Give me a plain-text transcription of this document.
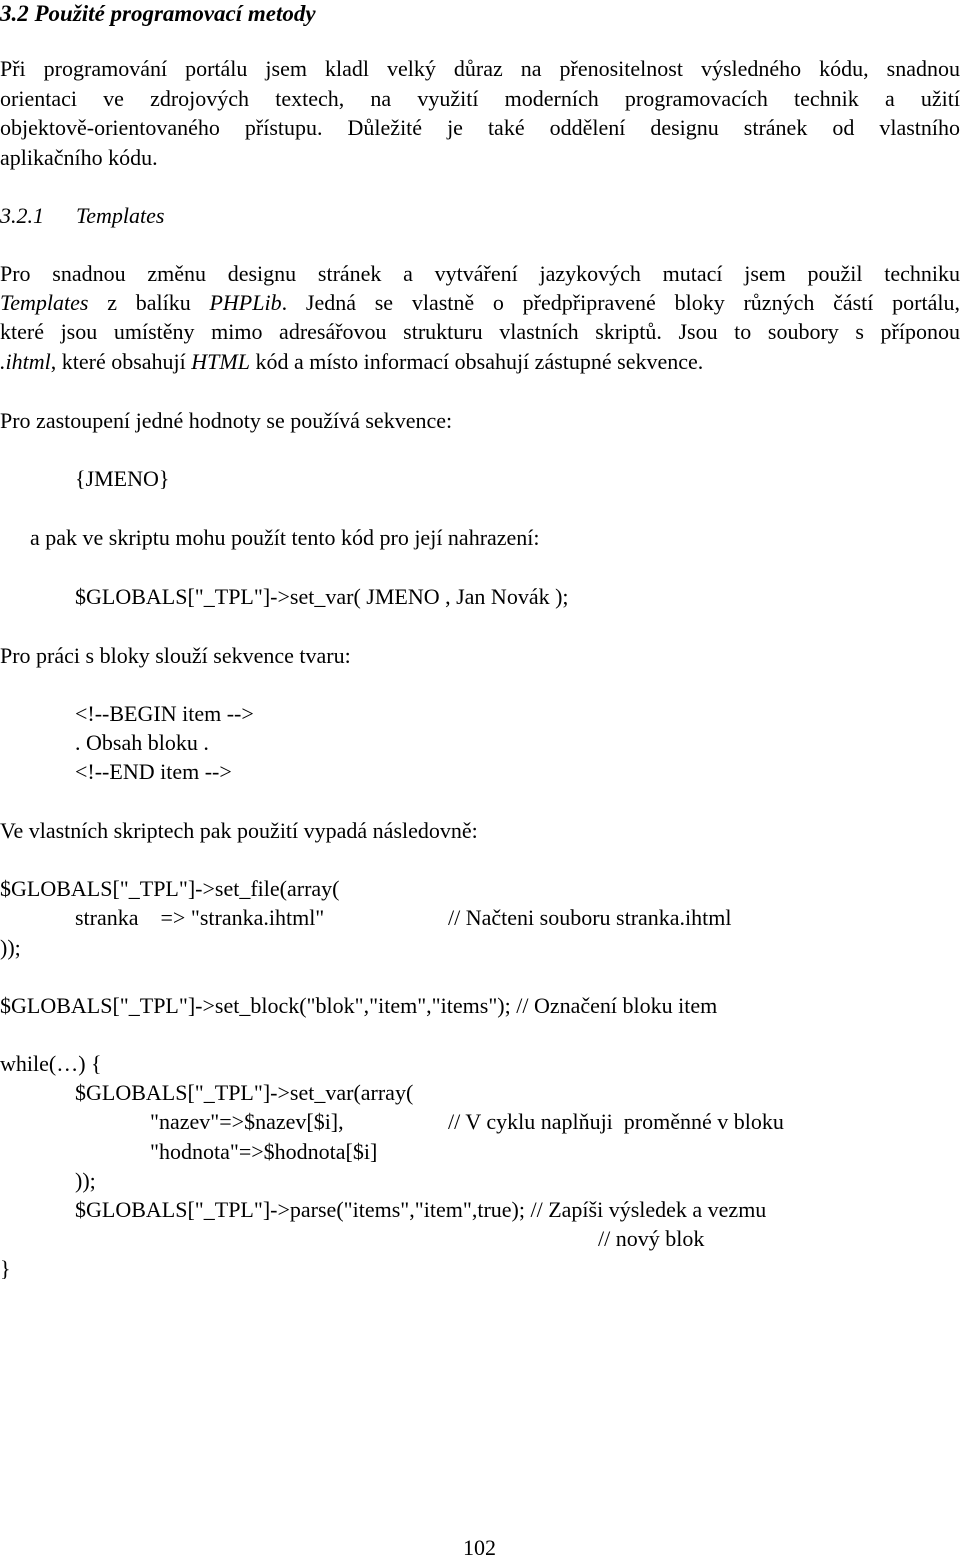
3.2 Použité programovací metody
Při programování portálu jsem kladl velký důraz na přenositelnost výsledného kódu, snadnou
orientaci ve zdrojových textech, na využití moderních programovacích technik a užití
objektově-orientovaného přístupu. Důležité je také oddělení designu stránek od vlastního
aplikačního kódu.
3.2.1 Templates
Pro snadnou změnu designu stránek a vytváření jazykových mutací jsem použil techniku
Templates z balíku PHPLib. Jedná se vlastně o předpřipravené bloky různých částí portálu,
které jsou umístěny mimo adresářovou strukturu vlastních skriptů. Jsou to soubory s příponou
.ihtml, které obsahují HTML kód a místo informací obsahují zástupné sekvence.
Pro zastoupení jedné hodnoty se používá sekvence:
{JMENO}
a pak ve skriptu mohu použít tento kód pro její nahrazení:
$GLOBALS["_TPL"]->set_var( JMENO , Jan Novák );
Pro práci s bloky slouží sekvence tvaru:
<!--BEGIN item -->
. Obsah bloku .
<!--END item -->
Ve vlastních skriptech pak použití vypadá následovně:
$GLOBALS["_TPL"]->set_file(array(
stranka    => "stranka.ihtml"	// Načteni souboru stranka.ihtml
));
$GLOBALS["_TPL"]->set_block("blok","item","items"); // Označení bloku item
while(…) {
$GLOBALS["_TPL"]->set_var(array(
"nazev"=>$nazev[$i],	// V cyklu naplňuji  proměnné v bloku
"hodnota"=>$hodnota[$i]
));
$GLOBALS["_TPL"]->parse("items","item",true); // Zapíši výsledek a vezmu
// nový blok
}
102
